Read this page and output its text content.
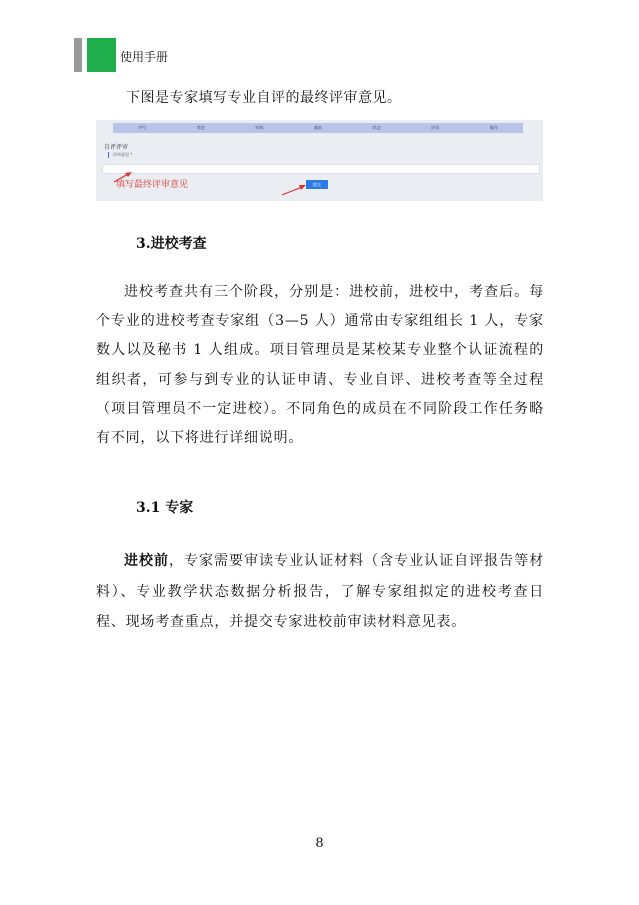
使用手册
下图是专家填写专业自评的最终评审意见。
序号	类型	时间	截前	状态	评语	操作
自评评审
评审意见 *
填写最终评审意见	提交
3.进校考查
进校考查共有三个阶段，分别是：进校前，进校中，考查后。每个专业的进校考查专家组（3—5 人）通常由专家组组长 1 人，专家数人以及秘书 1 人组成。项目管理员是某校某专业整个认证流程的组织者，可参与到专业的认证申请、专业自评、进校考查等全过程（项目管理员不一定进校）。不同角色的成员在不同阶段工作任务略有不同，以下将进行详细说明。
3.1 专家
进校前，专家需要审读专业认证材料（含专业认证自评报告等材料）、专业教学状态数据分析报告，了解专家组拟定的进校考查日程、现场考查重点，并提交专家进校前审读材料意见表。
8
